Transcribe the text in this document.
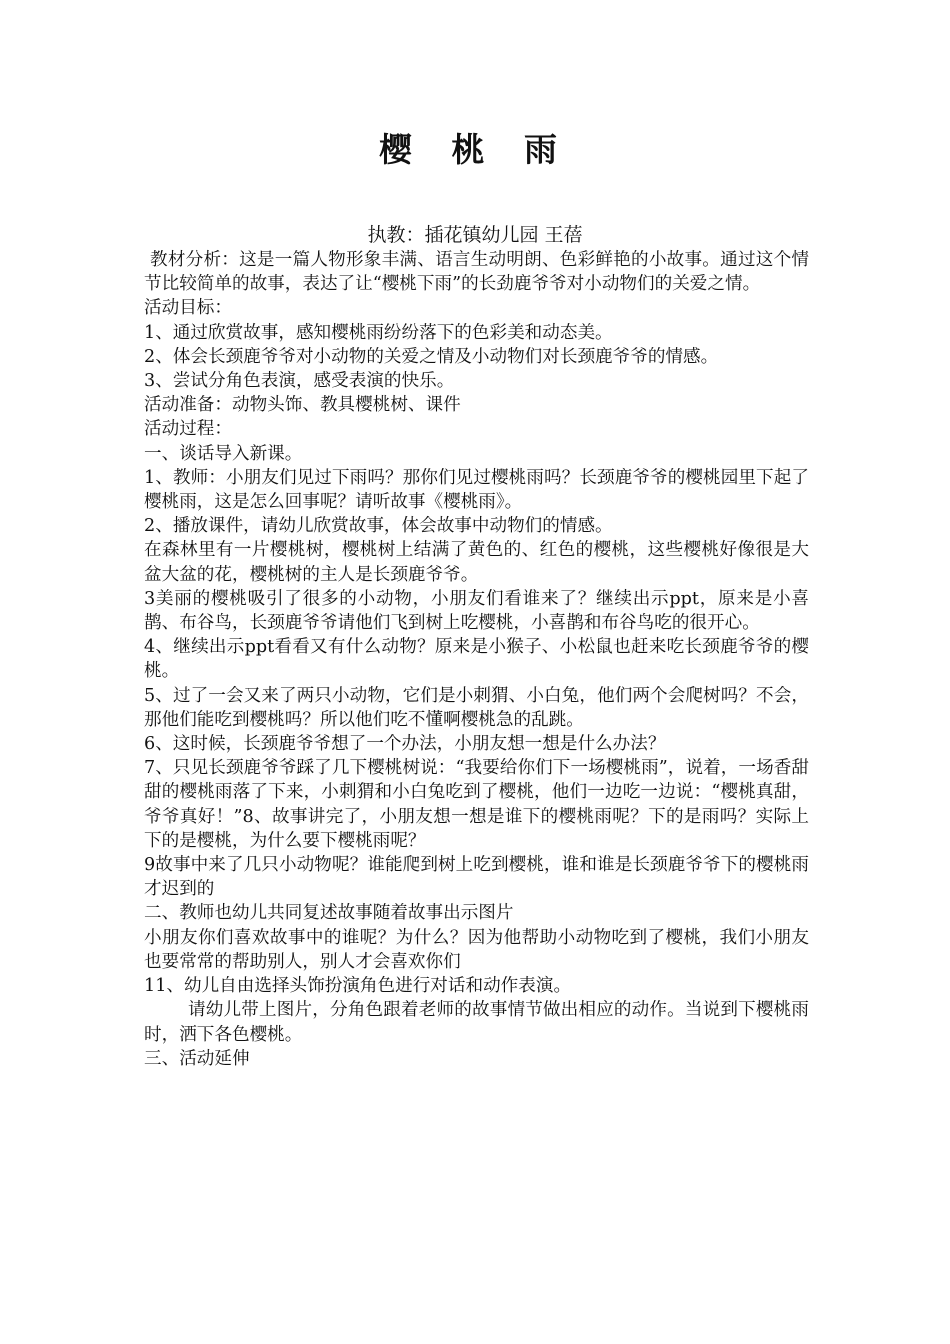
樱 桃 雨
执教：插花镇幼儿园 王蓓

教材分析：这是一篇人物形象丰满、语言生动明朗、色彩鲜艳的小故事。通过这个情节比较简单的故事，表达了让“樱桃下雨”的长劲鹿爷爷对小动物们的关爱之情。

活动目标：

1、通过欣赏故事，感知樱桃雨纷纷落下的色彩美和动态美。

2、体会长颈鹿爷爷对小动物的关爱之情及小动物们对长颈鹿爷爷的情感。

3、尝试分角色表演，感受表演的快乐。

活动准备：动物头饰、教具樱桃树、课件

活动过程：

一、谈话导入新课。

1、教师：小朋友们见过下雨吗？那你们见过樱桃雨吗？长颈鹿爷爷的樱桃园里下起了樱桃雨，这是怎么回事呢？请听故事《樱桃雨》。

2、播放课件，请幼儿欣赏故事，体会故事中动物们的情感。

在森林里有一片樱桃树，樱桃树上结满了黄色的、红色的樱桃，这些樱桃好像很是大盆大盆的花，樱桃树的主人是长颈鹿爷爷。

3美丽的樱桃吸引了很多的小动物，小朋友们看谁来了？继续出示ppt，原来是小喜鹊、布谷鸟，长颈鹿爷爷请他们飞到树上吃樱桃，小喜鹊和布谷鸟吃的很开心。

4、继续出示ppt看看又有什么动物？原来是小猴子、小松鼠也赶来吃长颈鹿爷爷的樱桃。

5、过了一会又来了两只小动物，它们是小刺猬、小白兔，他们两个会爬树吗？不会，那他们能吃到樱桃吗？所以他们吃不懂啊樱桃急的乱跳。

6、这时候，长颈鹿爷爷想了一个办法，小朋友想一想是什么办法？

7、只见长颈鹿爷爷踩了几下樱桃树说：“我要给你们下一场樱桃雨”，说着，一场香甜甜的樱桃雨落了下来，小刺猬和小白兔吃到了樱桃，他们一边吃一边说：“樱桃真甜，爷爷真好！”8、故事讲完了，小朋友想一想是谁下的樱桃雨呢？下的是雨吗？实际上下的是樱桃，为什么要下樱桃雨呢？

9故事中来了几只小动物呢？谁能爬到树上吃到樱桃，谁和谁是长颈鹿爷爷下的樱桃雨才迟到的

二、教师也幼儿共同复述故事随着故事出示图片

小朋友你们喜欢故事中的谁呢？为什么？因为他帮助小动物吃到了樱桃，我们小朋友也要常常的帮助别人，别人才会喜欢你们

11、幼儿自由选择头饰扮演角色进行对话和动作表演。

请幼儿带上图片，分角色跟着老师的故事情节做出相应的动作。当说到下樱桃雨时，洒下各色樱桃。

三、活动延伸
